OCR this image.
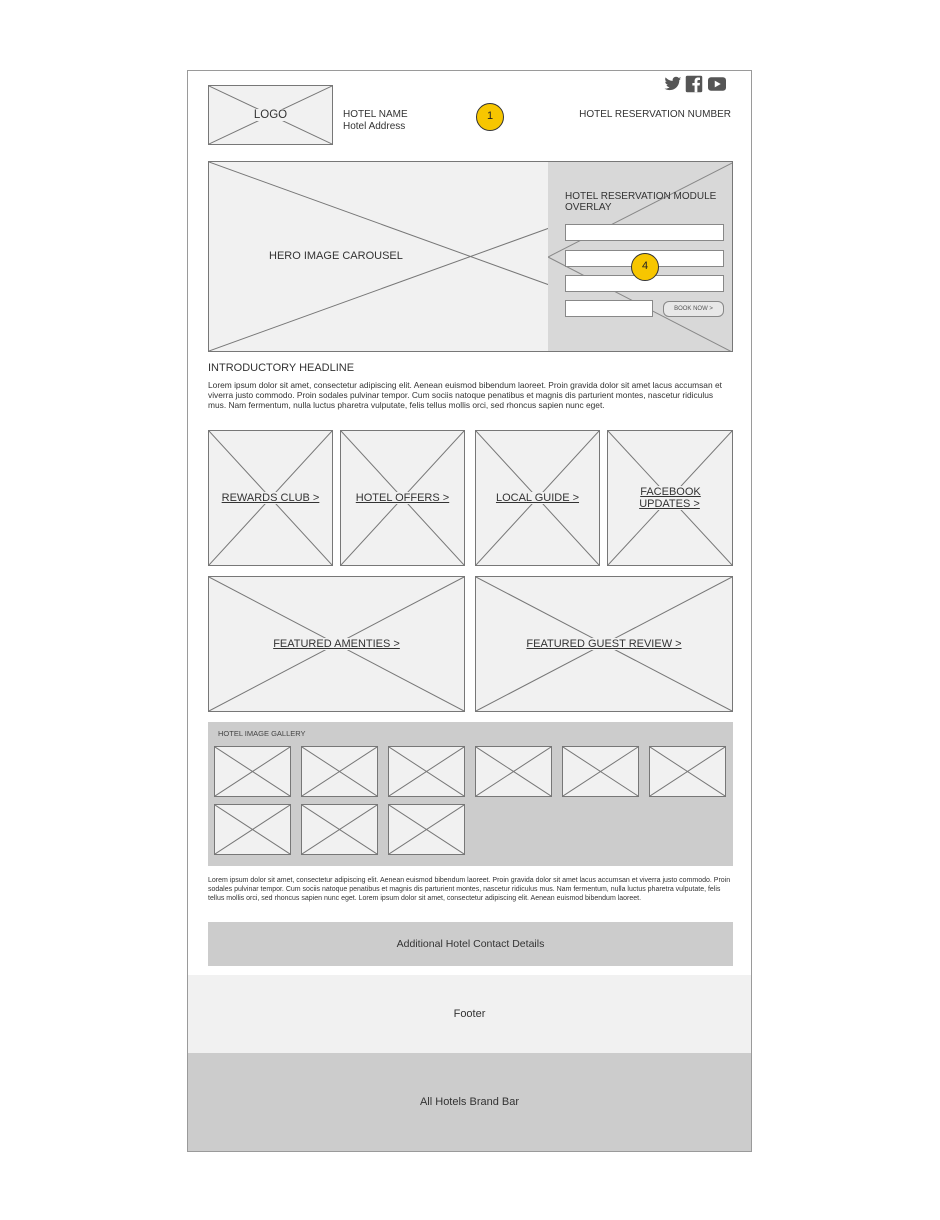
LOGO	HOTEL NAME
Hotel Address
1	HOTEL RESERVATION NUMBER
HERO IMAGE CAROUSEL
HOTEL RESERVATION MODULE OVERLAY
BOOK NOW >
4
INTRODUCTORY HEADLINE
Lorem ipsum dolor sit amet, consectetur adipiscing elit. Aenean euismod bibendum laoreet. Proin gravida dolor sit amet lacus accumsan et viverra justo commodo. Proin sodales pulvinar tempor. Cum sociis natoque penatibus et magnis dis parturient montes, nascetur ridiculus mus. Nam fermentum, nulla luctus pharetra vulputate, felis tellus mollis orci, sed rhoncus sapien nunc eget.
REWARDS CLUB >	HOTEL OFFERS >	LOCAL GUIDE >	FACEBOOK UPDATES >
FEATURED AMENTIES >	FEATURED GUEST REVIEW >
HOTEL IMAGE GALLERY
Lorem ipsum dolor sit amet, consectetur adipiscing elit. Aenean euismod bibendum laoreet. Proin gravida dolor sit amet lacus accumsan et viverra justo commodo. Proin sodales pulvinar tempor. Cum sociis natoque penatibus et magnis dis parturient montes, nascetur ridiculus mus. Nam fermentum, nulla luctus pharetra vulputate, felis tellus mollis orci, sed rhoncus sapien nunc eget. Lorem ipsum dolor sit amet, consectetur adipiscing elit. Aenean euismod bibendum laoreet.
Additional Hotel Contact Details
Footer
All Hotels Brand Bar
